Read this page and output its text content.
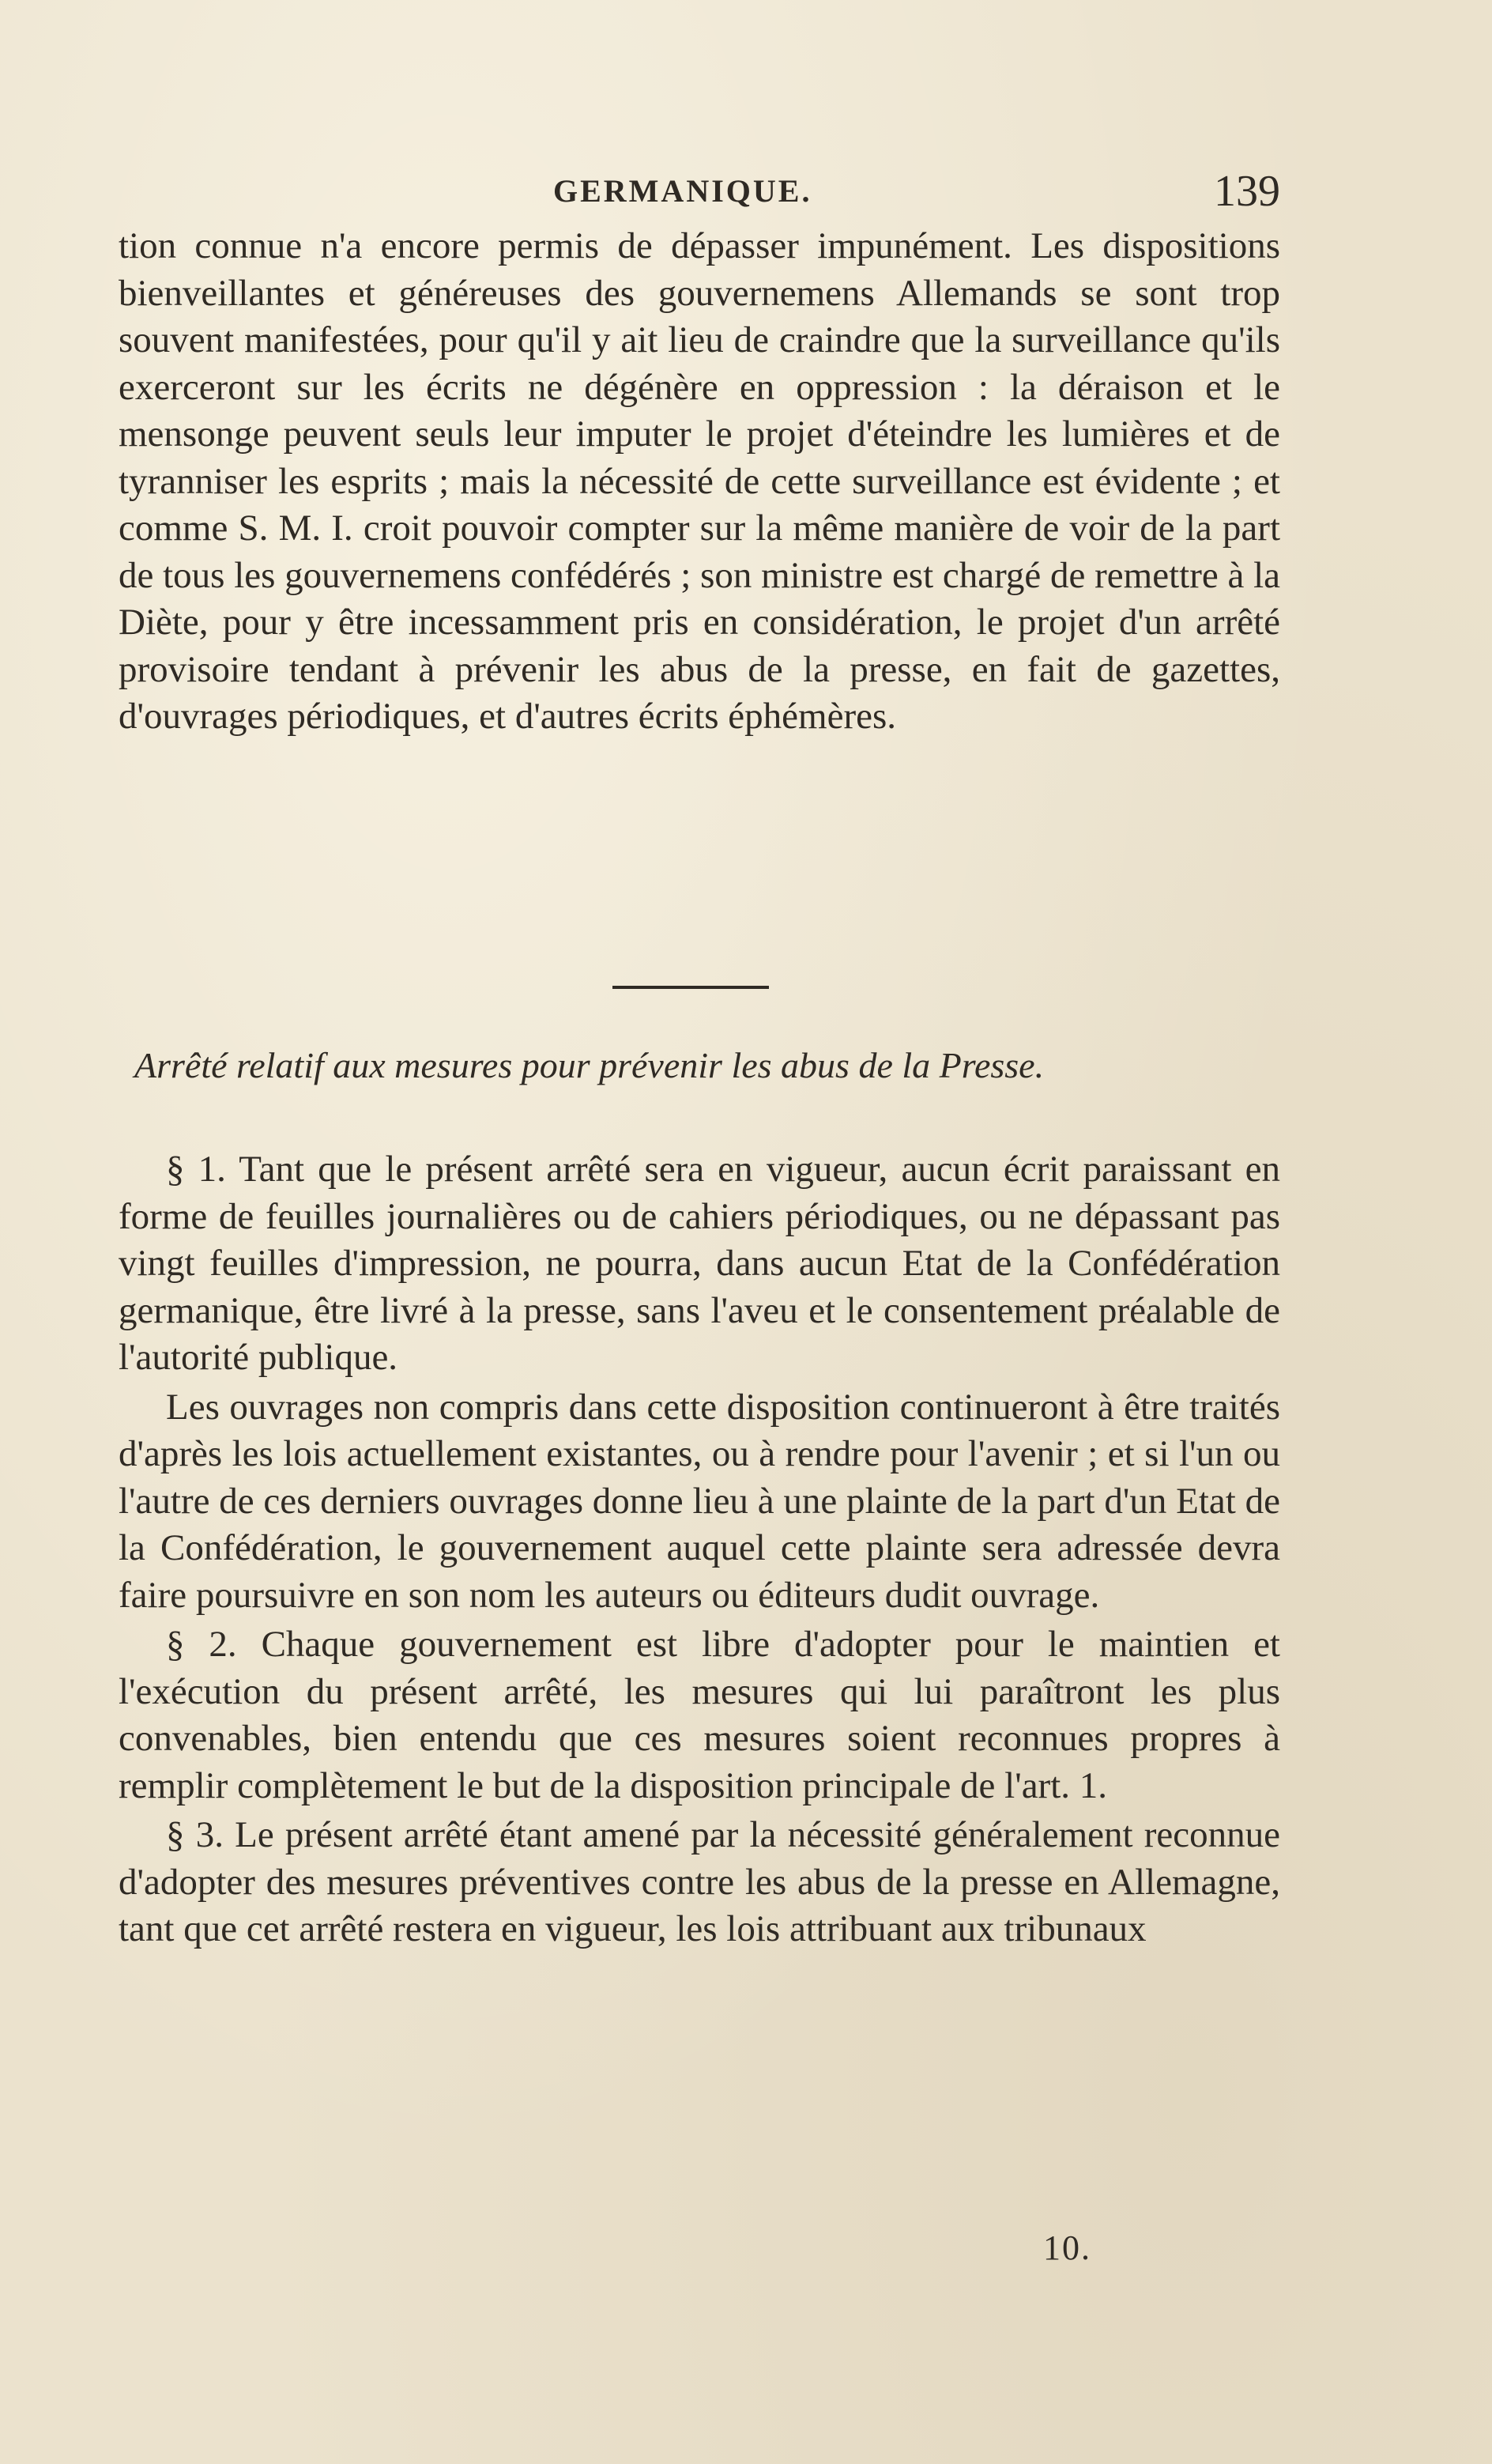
GERMANIQUE.	139

tion connue n'a encore permis de dépasser impunément. Les dispositions bienveillantes et généreuses des gouvernemens Allemands se sont trop souvent manifestées, pour qu'il y ait lieu de craindre que la surveillance qu'ils exerceront sur les écrits ne dégénère en oppression : la déraison et le mensonge peuvent seuls leur imputer le projet d'éteindre les lumières et de tyranniser les esprits ; mais la nécessité de cette surveillance est évidente ; et comme S. M. I. croit pouvoir compter sur la même manière de voir de la part de tous les gouvernemens confédérés ; son ministre est chargé de remettre à la Diète, pour y être incessamment pris en considération, le projet d'un arrêté provisoire tendant à prévenir les abus de la presse, en fait de gazettes, d'ouvrages périodiques, et d'autres écrits éphémères.

Arrêté relatif aux mesures pour prévenir les abus de la Presse.

§ 1. Tant que le présent arrêté sera en vigueur, aucun écrit paraissant en forme de feuilles journalières ou de cahiers périodiques, ou ne dépassant pas vingt feuilles d'impression, ne pourra, dans aucun Etat de la Confédération germanique, être livré à la presse, sans l'aveu et le consentement préalable de l'autorité publique.

Les ouvrages non compris dans cette disposition continueront à être traités d'après les lois actuellement existantes, ou à rendre pour l'avenir ; et si l'un ou l'autre de ces derniers ouvrages donne lieu à une plainte de la part d'un Etat de la Confédération, le gouvernement auquel cette plainte sera adressée devra faire poursuivre en son nom les auteurs ou éditeurs dudit ouvrage.

§ 2. Chaque gouvernement est libre d'adopter pour le maintien et l'exécution du présent arrêté, les mesures qui lui paraîtront les plus convenables, bien entendu que ces mesures soient reconnues propres à remplir complètement le but de la disposition principale de l'art. 1.

§ 3. Le présent arrêté étant amené par la nécessité généralement reconnue d'adopter des mesures préventives contre les abus de la presse en Allemagne, tant que cet arrêté restera en vigueur, les lois attribuant aux tribunaux

10.
